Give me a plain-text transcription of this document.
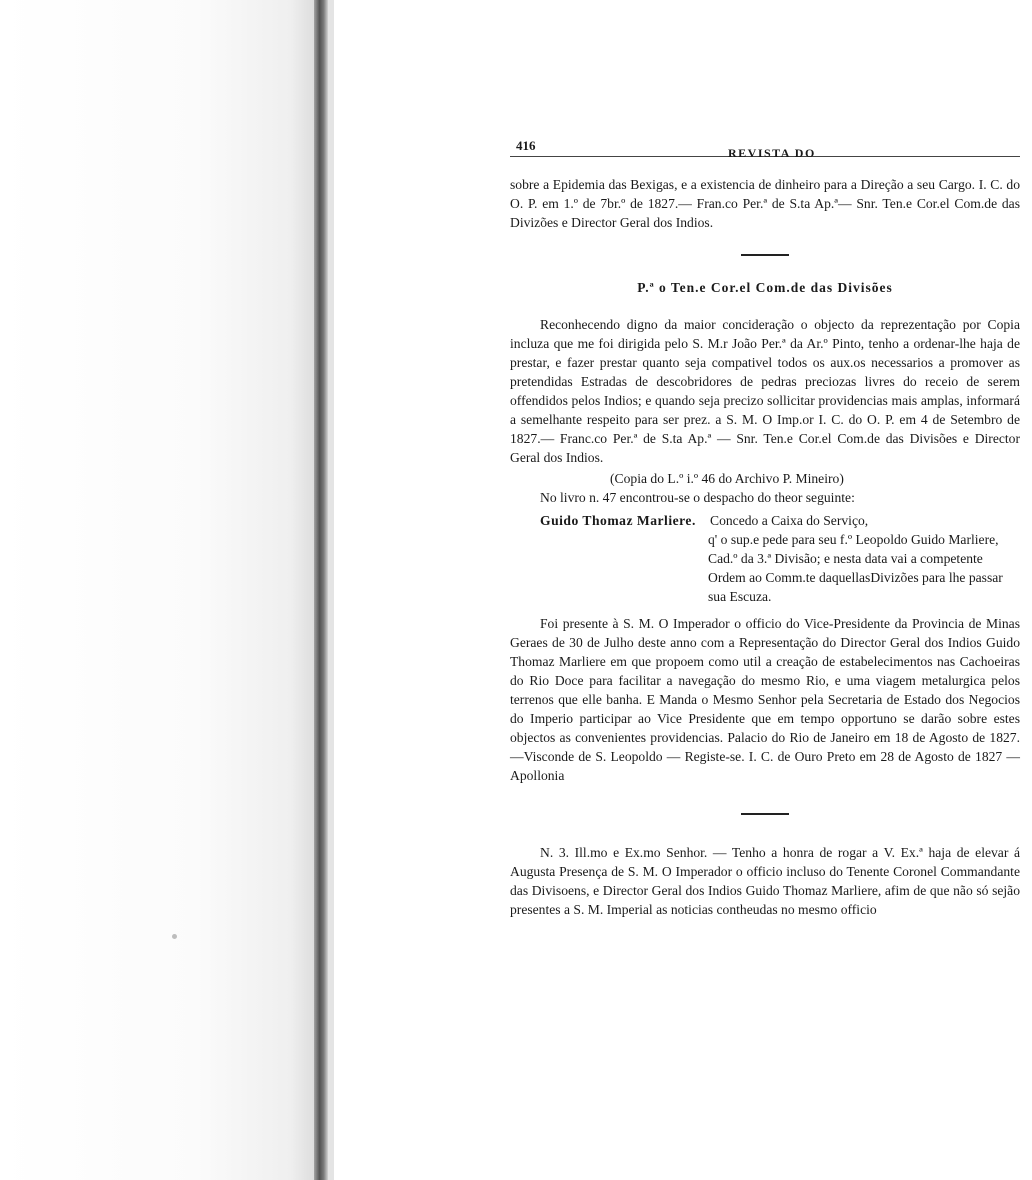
416	REVISTA DO

sobre a Epidemia das Bexigas, e a existencia de dinheiro para a Direção a seu Cargo. I. C. do O. P. em 1.º de 7br.º de 1827.— Fran.co Per.ª de S.ta Ap.ª— Snr. Ten.e Cor.el Com.de das Divizões e Director Geral dos Indios.

P.ª o Ten.e Cor.el Com.de das Divisões

Reconhecendo digno da maior concideração o objecto da reprezentação por Copia incluza que me foi dirigida pelo S. M.r João Per.ª da Ar.º Pinto, tenho a ordenar-lhe haja de prestar, e fazer prestar quanto seja compativel todos os aux.os necessarios a promover as pretendidas Estradas de descobridores de pedras preciozas livres do receio de serem offendidos pelos Indios; e quando seja precizo sollicitar providencias mais amplas, informará a semelhante respeito para ser prez. a S. M. O Imp.or I. C. do O. P. em 4 de Setembro de 1827.— Franc.co Per.ª de S.ta Ap.ª — Snr. Ten.e Cor.el Com.de das Divisões e Director Geral dos Indios.

(Copia do L.º i.º 46 do Archivo P. Mineiro)

No livro n. 47 encontrou-se o despacho do theor seguinte:

Guido Thomaz Marliere.	Concedo a Caixa do Serviço,

q' o sup.e pede para seu f.º Leopoldo Guido Marliere, Cad.º da 3.ª Divisão; e nesta data vai a competente Ordem ao Comm.te daquellasDivizões para lhe passar sua Escuza.

Foi presente à S. M. O Imperador o officio do Vice-Presidente da Provincia de Minas Geraes de 30 de Julho deste anno com a Representação do Director Geral dos Indios Guido Thomaz Marliere em que propoem como util a creação de estabelecimentos nas Cachoeiras do Rio Doce para facilitar a navegação do mesmo Rio, e uma viagem metalurgica pelos terrenos que elle banha. E Manda o Mesmo Senhor pela Secretaria de Estado dos Negocios do Imperio participar ao Vice Presidente que em tempo opportuno se darão sobre estes objectos as convenientes providencias. Palacio do Rio de Janeiro em 18 de Agosto de 1827.—Visconde de S. Leopoldo — Registe-se. I. C. de Ouro Preto em 28 de Agosto de 1827 — Apollonia

N. 3. Ill.mo e Ex.mo Senhor. — Tenho a honra de rogar a V. Ex.ª haja de elevar á Augusta Presença de S. M. O Imperador o officio incluso do Tenente Coronel Commandante das Divisoens, e Director Geral dos Indios Guido Thomaz Marliere, afim de que não só sejão presentes a S. M. Imperial as noticias contheudas no mesmo officio
